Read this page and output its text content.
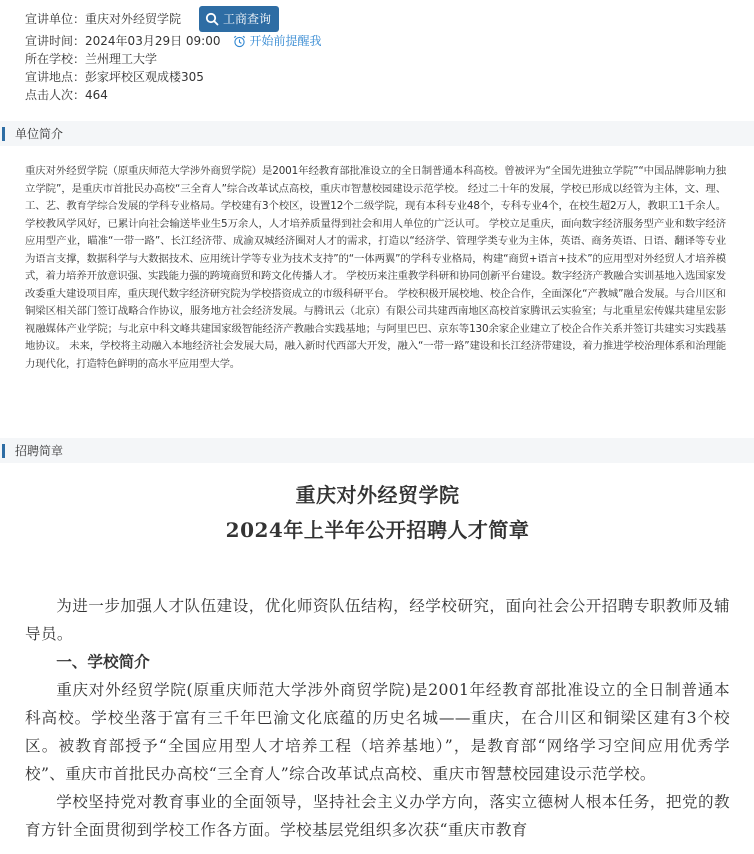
宣讲单位： 重庆对外经贸学院	工商查询
宣讲时间： 2024年03月29日 09:00 开始前提醒我
所在学校： 兰州理工大学
宣讲地点： 彭家坪校区观成楼305
点击人次： 464
单位简介
重庆对外经贸学院（原重庆师范大学涉外商贸学院）是2001年经教育部批准设立的全日制普通本科高校。曾被评为“全国先进独立学院”“中国品牌影响力独立学院”，是重庆市首批民办高校“三全育人”综合改革试点高校，重庆市智慧校园建设示范学校。 经过二十年的发展，学校已形成以经管为主体，文、理、工、艺、教育学综合发展的学科专业格局。学校建有3个校区，设置12个二级学院，现有本科专业48个，专科专业4个，在校生超2万人，教职工1千余人。学校教风学风好，已累计向社会输送毕业生5万余人，人才培养质量得到社会和用人单位的广泛认可。 学校立足重庆，面向数字经济服务型产业和数字经济应用型产业，瞄准“一带一路”、长江经济带、成渝双城经济圈对人才的需求，打造以“经济学、管理学类专业为主体，英语、商务英语、日语、翻译等专业为语言支撑，数据科学与大数据技术、应用统计学等专业为技术支持”的“一体两翼”的学科专业格局，构建“商贸+语言+技术”的应用型对外经贸人才培养模式，着力培养开放意识强、实践能力强的跨境商贸和跨文化传播人才。 学校历来注重教学科研和协同创新平台建设。数字经济产教融合实训基地入选国家发改委重大建设项目库，重庆现代数字经济研究院为学校搭资成立的市级科研平台。 学校积极开展校地、校企合作，全面深化“产教城”融合发展。与合川区和铜梁区相关部门签订战略合作协议，服务地方社会经济发展。与腾讯云（北京）有限公司共建西南地区高校首家腾讯云实验室；与北重星宏传媒共建星宏影视融媒体产业学院；与北京中科文峰共建国家级智能经济产教融合实践基地；与阿里巴巴、京东等130余家企业建立了校企合作关系并签订共建实习实践基地协议。 未来，学校将主动融入本地经济社会发展大局，融入新时代西部大开发，融入“一带一路”建设和长江经济带建设，着力推进学校治理体系和治理能力现代化，打造特色鲜明的高水平应用型大学。
招聘简章
重庆对外经贸学院
2024年上半年公开招聘人才简章
为进一步加强人才队伍建设，优化师资队伍结构，经学校研究，面向社会公开招聘专职教师及辅导员。
一、学校简介
重庆对外经贸学院(原重庆师范大学涉外商贸学院)是2001年经教育部批准设立的全日制普通本科高校。学校坐落于富有三千年巴渝文化底蕴的历史名城——重庆，在合川区和铜梁区建有3个校区。被教育部授予“全国应用型人才培养工程（培养基地）”，是教育部“网络学习空间应用优秀学校”、重庆市首批民办高校“三全育人”综合改革试点高校、重庆市智慧校园建设示范学校。
学校坚持党对教育事业的全面领导，坚持社会主义办学方向，落实立德树人根本任务，把党的教育方针全面贯彻到学校工作各方面。学校基层党组织多次获“重庆市教育
